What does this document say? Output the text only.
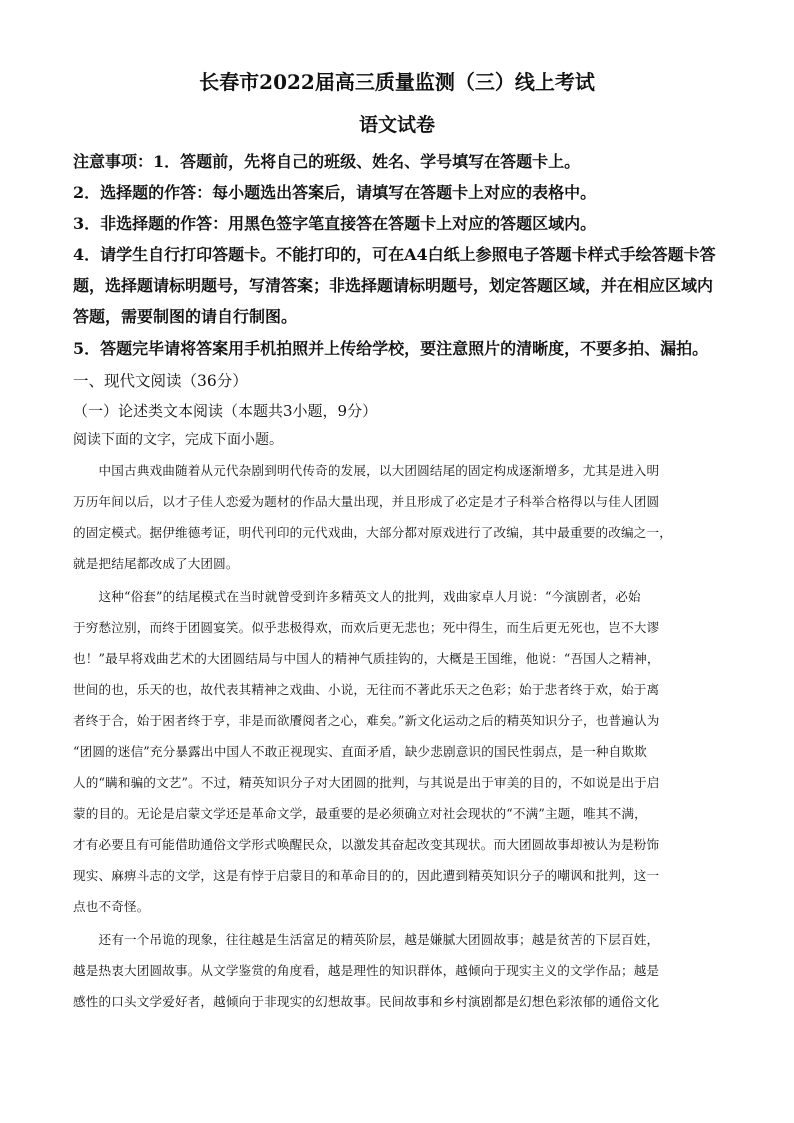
长春市2022届高三质量监测（三）线上考试
语文试卷
注意事项：1．答题前，先将自己的班级、姓名、学号填写在答题卡上。
2．选择题的作答：每小题选出答案后，请填写在答题卡上对应的表格中。
3．非选择题的作答：用黑色签字笔直接答在答题卡上对应的答题区域内。
4．请学生自行打印答题卡。不能打印的，可在A4白纸上参照电子答题卡样式手绘答题卡答
题，选择题请标明题号，写清答案；非选择题请标明题号，划定答题区域，并在相应区域内
答题，需要制图的请自行制图。
5．答题完毕请将答案用手机拍照并上传给学校，要注意照片的清晰度，不要多拍、漏拍。
一、现代文阅读（36分）
（一）论述类文本阅读（本题共3小题，9分）
阅读下面的文字，完成下面小题。
　　中国古典戏曲随着从元代杂剧到明代传奇的发展，以大团圆结尾的固定构成逐渐增多，尤其是进入明
万历年间以后，以才子佳人恋爱为题材的作品大量出现，并且形成了必定是才子科举合格得以与佳人团圆
的固定模式。据伊维德考证，明代刊印的元代戏曲，大部分都对原戏进行了改编，其中最重要的改编之一，
就是把结尾都改成了大团圆。
　　这种“俗套”的结尾模式在当时就曾受到许多精英文人的批判，戏曲家卓人月说：“今演剧者，必始
于穷愁泣别，而终于团圆宴笑。似乎悲极得欢，而欢后更无悲也；死中得生，而生后更无死也，岂不大谬
也！”最早将戏曲艺术的大团圆结局与中国人的精神气质挂钩的，大概是王国维，他说：“吾国人之精神，
世间的也，乐天的也，故代表其精神之戏曲、小说，无往而不著此乐天之色彩；始于悲者终于欢，始于离
者终于合，始于困者终于亨，非是而欲餍阅者之心，难矣。”新文化运动之后的精英知识分子，也普遍认为
“团圆的迷信”充分暴露出中国人不敢正视现实、直面矛盾，缺少悲剧意识的国民性弱点，是一种自欺欺
人的“瞒和骗的文艺”。不过，精英知识分子对大团圆的批判，与其说是出于审美的目的，不如说是出于启
蒙的目的。无论是启蒙文学还是革命文学，最重要的是必须确立对社会现状的“不满”主题，唯其不满，
才有必要且有可能借助通俗文学形式唤醒民众，以激发其奋起改变其现状。而大团圆故事却被认为是粉饰
现实、麻痹斗志的文学，这是有悖于启蒙目的和革命目的的，因此遭到精英知识分子的嘲讽和批判，这一
点也不奇怪。
　　还有一个吊诡的现象，往往越是生活富足的精英阶层，越是嫌腻大团圆故事；越是贫苦的下层百姓，
越是热衷大团圆故事。从文学鉴赏的角度看，越是理性的知识群体，越倾向于现实主义的文学作品；越是
感性的口头文学爱好者，越倾向于非现实的幻想故事。民间故事和乡村演剧都是幻想色彩浓郁的通俗文化
